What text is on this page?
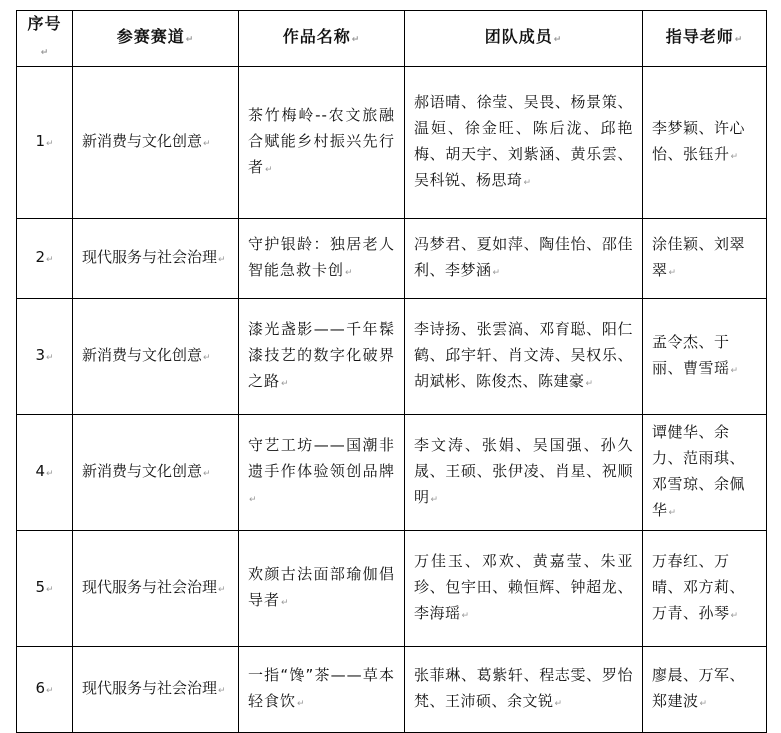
序号↵	参赛赛道↵	作品名称↵	团队成员↵	指导老师↵
1↵	新消费与文化创意↵	茶竹梅岭--农文旅融合赋能乡村振兴先行者↵	郝语晴、徐莹、吴畏、杨景策、温姮、徐金旺、陈后泷、邱艳梅、胡天宇、刘紫涵、黄乐雲、吴科锐、杨思琦↵	李梦颖、许心怡、张钰升↵
2↵	现代服务与社会治理↵	守护银龄：独居老人智能急救卡创↵	冯梦君、夏如萍、陶佳怡、邵佳利、李梦涵↵	涂佳颖、刘翠翠↵
3↵	新消费与文化创意↵	漆光盏影——千年髹漆技艺的数字化破界之路↵	李诗扬、张雲滈、邓育聪、阳仁鹤、邱宇轩、肖文涛、吴权乐、胡斌彬、陈俊杰、陈建豪↵	孟令杰、于丽、曹雪瑶↵
4↵	新消费与文化创意↵	守艺工坊——国潮非遗手作体验领创品牌↵	李文涛、张娟、吴国强、孙久晟、王硕、张伊凌、肖星、祝顺明↵	谭健华、余力、范雨琪、邓雪琼、余佩华↵
5↵	现代服务与社会治理↵	欢颜古法面部瑜伽倡导者↵	万佳玉、邓欢、黄嘉莹、朱亚珍、包宇田、赖恒辉、钟超龙、李海瑶↵	万春红、万晴、邓方莉、万青、孙琴↵
6↵	现代服务与社会治理↵	一指“馋”茶——草本轻食饮↵	张菲琳、葛紫轩、程志雯、罗怡梵、王沛硕、余文锐↵	廖晨、万军、郑建波↵
